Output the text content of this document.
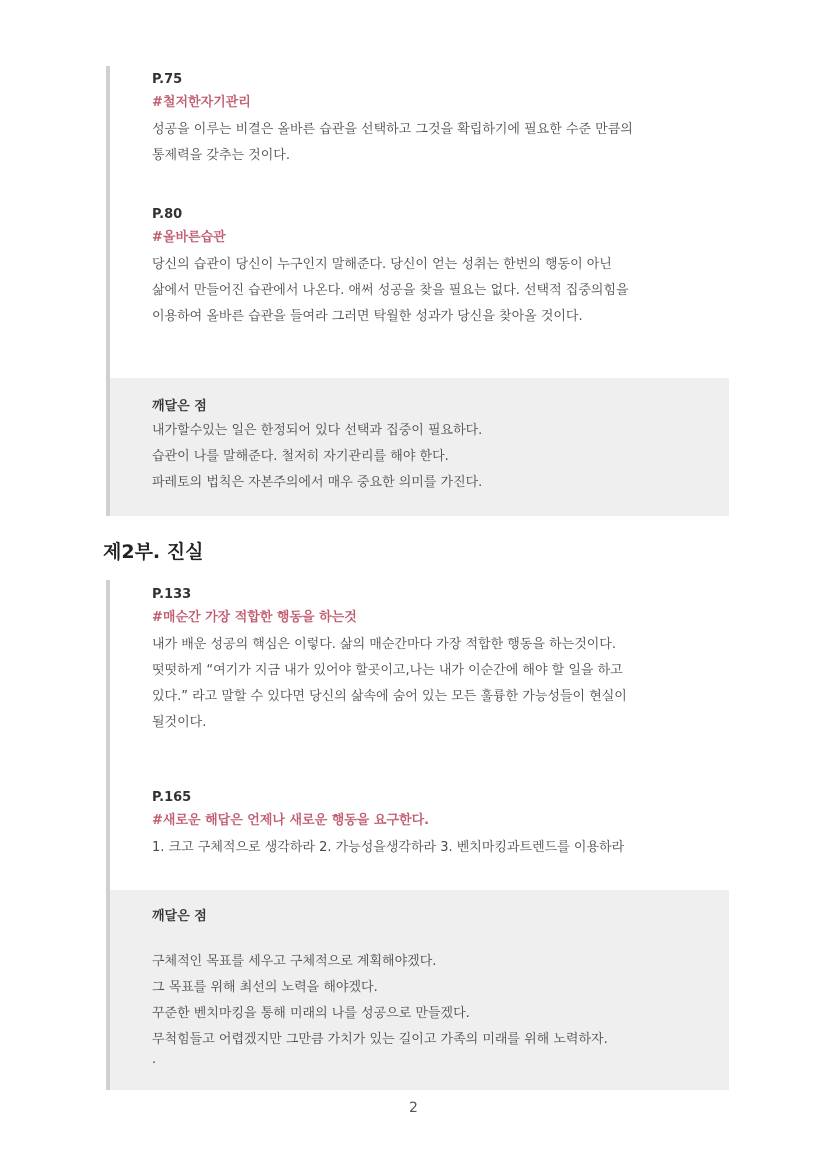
P.75
#철저한자기관리
성공을 이루는 비결은 올바른 습관을 선택하고 그것을 확립하기에 필요한 수준 만큼의
통제력을 갖추는 것이다.
P.80
#올바른습관
당신의 습관이 당신이 누구인지 말해준다. 당신이 얻는 성취는 한번의 행동이 아닌
삶에서 만들어진 습관에서 나온다. 애써 성공을 찾을 필요는 없다. 선택적 집중의힘을
이용하여 올바른 습관을 들여라 그러면 탁월한 성과가 당신을 찾아올 것이다.
깨달은 점
내가할수있는 일은 한정되어 있다 선택과 집중이 필요하다.
습관이 나를 말해준다. 철저히 자기관리를 해야 한다.
파레토의 법칙은 자본주의에서 매우 중요한 의미를 가진다.
제2부. 진실
P.133
#매순간 가장 적합한 행동을 하는것
내가 배운 성공의 핵심은 이렇다. 삶의 매순간마다 가장 적합한 행동을 하는것이다.
떳떳하게 “여기가 지금 내가 있어야 할곳이고,나는 내가 이순간에 해야 할 일을 하고
있다.” 라고 말할 수 있다면 당신의 삶속에 숨어 있는 모든 훌륭한 가능성들이 현실이
될것이다.
P.165
#새로운 해답은 언제나 새로운 행동을 요구한다.
1. 크고 구체적으로 생각하라 2. 가능성을생각하라 3. 벤치마킹과트렌드를 이용하라
깨달은 점
구체적인 목표를 세우고 구체적으로 계획해야겠다.
그 목표를 위해 최선의 노력을 해야겠다.
꾸준한 벤치마킹을 통해 미래의 나를 성공으로 만들겠다.
무척힘들고 어렵겠지만 그만큼 가치가 있는 길이고 가족의 미래를 위해 노력하자.
.
2
